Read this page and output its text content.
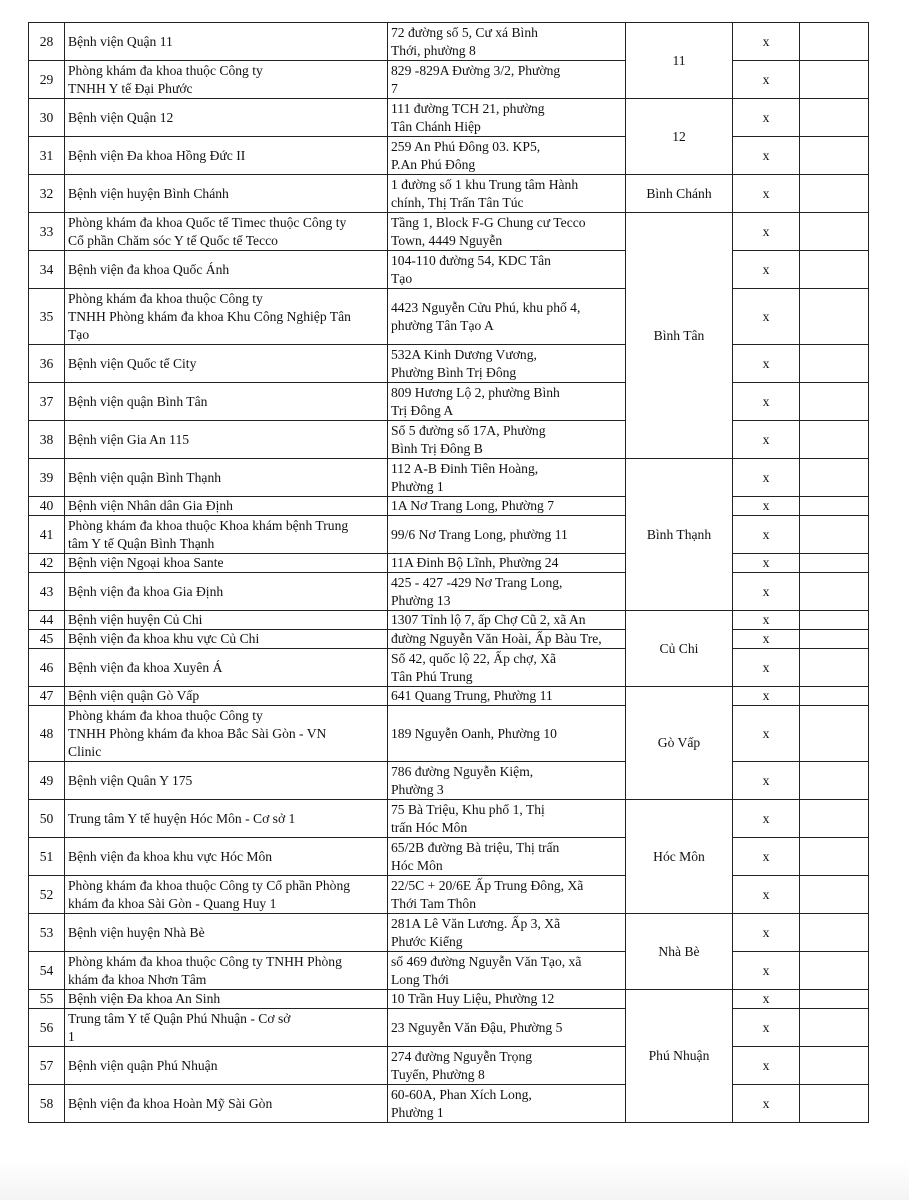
28	Bệnh viện Quận 11	72 đường số 5, Cư xá Bình
Thới, phường 8	11	x	
29	Phòng khám đa khoa thuộc Công ty
TNHH Y tế Đại Phước	829 -829A Đường 3/2, Phường
7		x	
30	Bệnh viện Quận 12	111 đường TCH 21, phường
Tân Chánh Hiệp	12	x	
31	Bệnh viện Đa khoa Hồng Đức II	259 An Phú Đông 03. KP5,
P.An Phú Đông		x	
32	Bệnh viện huyện Bình Chánh	1 đường số 1 khu Trung tâm Hành
chính, Thị Trấn Tân Túc	Bình Chánh	x	
33	Phòng khám đa khoa Quốc tế Timec thuộc Công ty
Cổ phần Chăm sóc Y tế Quốc tế Tecco	Tầng 1, Block F-G Chung cư Tecco
Town, 4449 Nguyễn	Bình Tân	x	
34	Bệnh viện đa khoa Quốc Ánh	104-110 đường 54, KDC Tân
Tạo		x	
35	Phòng khám đa khoa thuộc Công ty
TNHH Phòng khám đa khoa Khu Công Nghiệp Tân
Tạo	4423 Nguyễn Cửu Phú, khu phố 4,
phường Tân Tạo A		x	
36	Bệnh viện Quốc tế City	532A Kinh Dương Vương,
Phường Bình Trị Đông		x	
37	Bệnh viện quận Bình Tân	809 Hương Lộ 2, phường Bình
Trị Đông A		x	
38	Bệnh viện Gia An 115	Số 5 đường số 17A, Phường
Bình Trị Đông B		x	
39	Bệnh viện quận Bình Thạnh	112 A-B Đinh Tiên Hoàng,
Phường 1	Bình Thạnh	x	
40	Bệnh viện Nhân dân Gia Định	1A Nơ Trang Long, Phường 7		x	
41	Phòng khám đa khoa thuộc Khoa khám bệnh Trung
tâm Y tế Quận Bình Thạnh	99/6 Nơ Trang Long, phường 11		x	
42	Bệnh viện Ngoại khoa Sante	11A Đinh Bộ Lĩnh, Phường 24		x	
43	Bệnh viện đa khoa Gia Định	425 - 427 -429 Nơ Trang Long,
Phường 13		x	
44	Bệnh viện huyện Củ Chi	1307 Tỉnh lộ 7, ấp Chợ Cũ 2, xã An	Củ Chi	x	
45	Bệnh viện đa khoa khu vực Củ Chi	đường Nguyễn Văn Hoài, Ấp Bàu Tre,		x	
46	Bệnh viện đa khoa Xuyên Á	Số 42, quốc lộ 22, Ấp chợ, Xã
Tân Phú Trung		x	
47	Bệnh viện quận Gò Vấp	641 Quang Trung, Phường 11	Gò Vấp	x	
48	Phòng khám đa khoa thuộc Công ty
TNHH Phòng khám đa khoa Bắc Sài Gòn - VN
Clinic	189 Nguyễn Oanh, Phường 10		x	
49	Bệnh viện Quân Y 175	786 đường Nguyễn Kiệm,
Phường 3		x	
50	Trung tâm Y tế huyện Hóc Môn - Cơ sở 1	75 Bà Triệu, Khu phố 1, Thị
trấn Hóc Môn	Hóc Môn	x	
51	Bệnh viện đa khoa khu vực Hóc Môn	65/2B đường Bà triệu, Thị trấn
Hóc Môn		x	
52	Phòng khám đa khoa thuộc Công ty Cổ phần Phòng
khám đa khoa Sài Gòn - Quang Huy 1	22/5C + 20/6E Ấp Trung Đông, Xã
Thới Tam Thôn		x	
53	Bệnh viện huyện Nhà Bè	281A Lê Văn Lương. Ấp 3, Xã
Phước Kiểng	Nhà Bè	x	
54	Phòng khám đa khoa thuộc Công ty TNHH Phòng
khám đa khoa Nhơn Tâm	số 469 đường Nguyễn Văn Tạo, xã
Long Thới		x	
55	Bệnh viện Đa khoa An Sinh	10 Trần Huy Liệu, Phường 12	Phú Nhuận	x	
56	Trung tâm Y tế Quận Phú Nhuận - Cơ sở
1	23 Nguyễn Văn Đậu, Phường 5		x	
57	Bệnh viện quận Phú Nhuận	274 đường Nguyễn Trọng
Tuyển, Phường 8		x	
58	Bệnh viện đa khoa Hoàn Mỹ Sài Gòn	60-60A, Phan Xích Long,
Phường 1		x	
